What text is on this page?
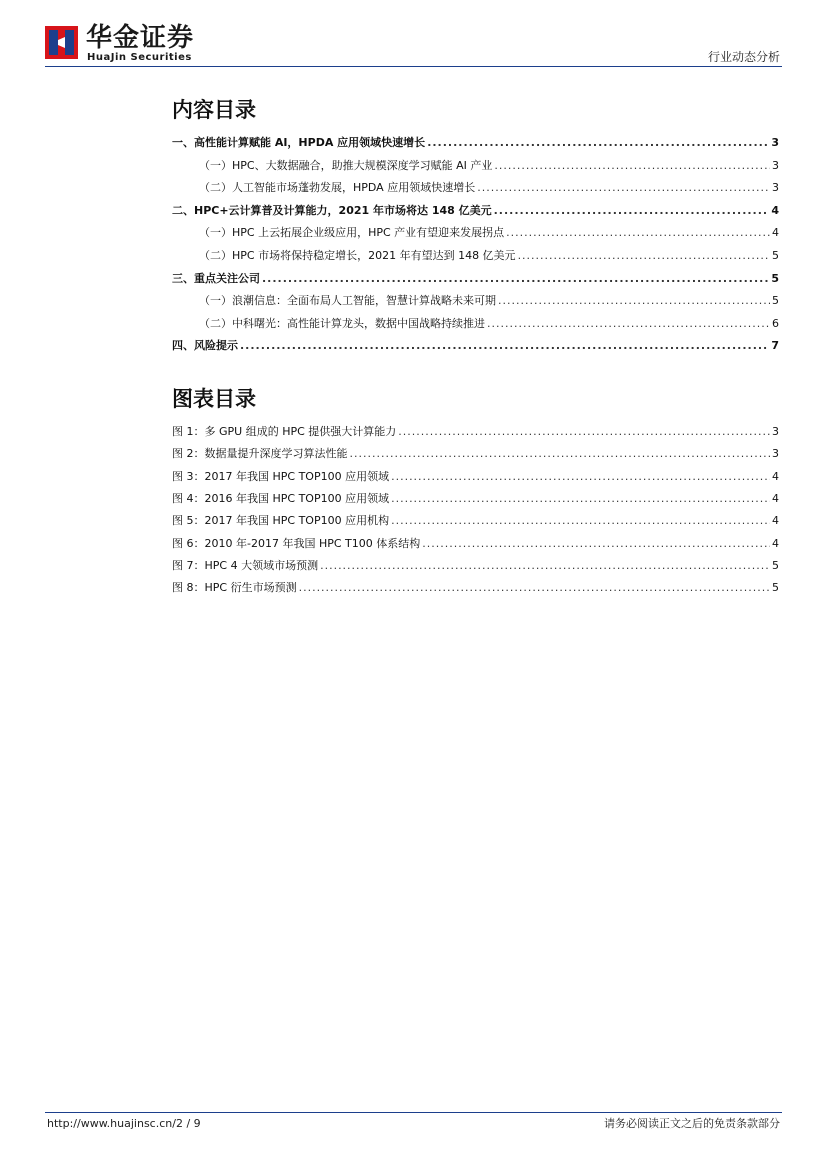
华金证券
HuaJin Securities	行业动态分析
内容目录
一、高性能计算赋能 AI，HPDA 应用领域快速增长 .....	3
（一）HPC、大数据融合，助推大规模深度学习赋能 AI 产业 .....	3
（二）人工智能市场蓬勃发展，HPDA 应用领域快速增长 .....	3
二、HPC+云计算普及计算能力，2021 年市场将达 148 亿美元 .....	4
（一）HPC 上云拓展企业级应用，HPC 产业有望迎来发展拐点 .....	4
（二）HPC 市场将保持稳定增长，2021 年有望达到 148 亿美元 .....	5
三、重点关注公司 .....	5
（一）浪潮信息：全面布局人工智能，智慧计算战略未来可期 .....	5
（二）中科曙光：高性能计算龙头，数据中国战略持续推进 .....	6
四、风险提示 .....	7
图表目录
图 1：多 GPU 组成的 HPC 提供强大计算能力 .....	3
图 2：数据量提升深度学习算法性能 .....	3
图 3：2017 年我国 HPC TOP100 应用领域 .....	4
图 4：2016 年我国 HPC TOP100 应用领域 .....	4
图 5：2017 年我国 HPC TOP100 应用机构 .....	4
图 6：2010 年-2017 年我国 HPC T100 体系结构 .....	4
图 7：HPC 4 大领域市场预测 .....	5
图 8：HPC 衍生市场预测 .....	5
http://www.huajinsc.cn/2 / 9	请务必阅读正文之后的免责条款部分
